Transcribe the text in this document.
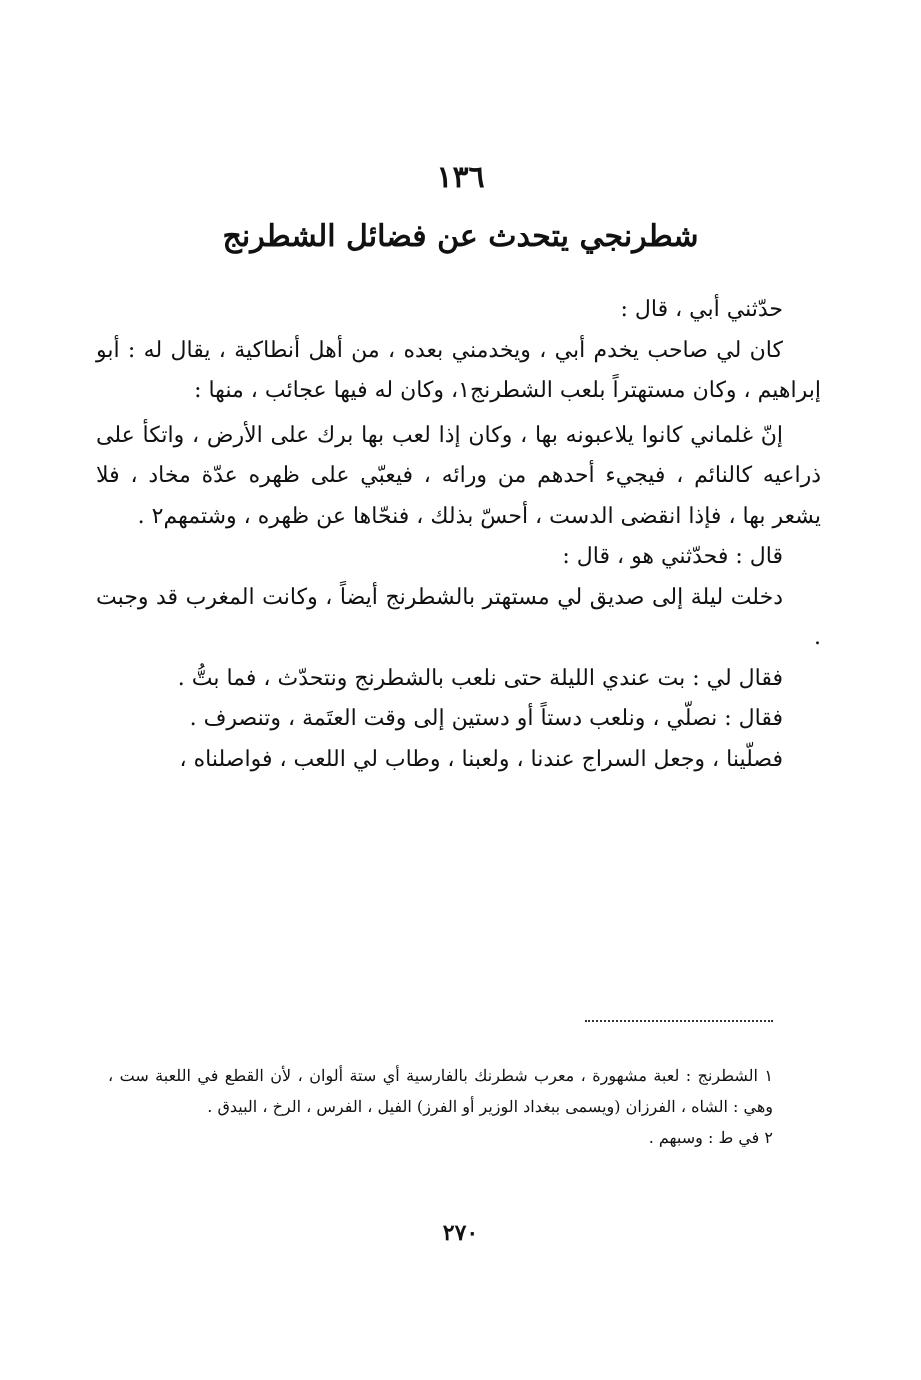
١٣٦
شطرنجي يتحدث عن فضائل الشطرنج

حدّثني أبي ، قال :

كان لي صاحب يخدم أبي ، ويخدمني بعده ، من أهل أنطاكية ، يقال له : أبو إبراهيم ، وكان مستهتراً بلعب الشطرنج١، وكان له فيها عجائب ، منها :

إنّ غلماني كانوا يلاعبونه بها ، وكان إذا لعب بها برك على الأرض ، واتكأ على ذراعيه كالنائم ، فيجيء أحدهم من ورائه ، فيعبّي على ظهره عدّة مخاد ، فلا يشعر بها ، فإذا انقضى الدست ، أحسّ بذلك ، فنحّاها عن ظهره ، وشتمهم٢ .

قال : فحدّثني هو ، قال :

دخلت ليلة إلى صديق لي مستهتر بالشطرنج أيضاً ، وكانت المغرب قد وجبت .

فقال لي : بت عندي الليلة حتى نلعب بالشطرنج ونتحدّث ، فما بتُّ .

فقال : نصلّي ، ونلعب دستاً أو دستين إلى وقت العتَمة ، وتنصرف .

فصلّينا ، وجعل السراج عندنا ، ولعبنا ، وطاب لي اللعب ، فواصلناه ،

١ الشطرنج : لعبة مشهورة ، معرب شطرنك بالفارسية أي ستة ألوان ، لأن القطع في اللعبة ست ، وهي : الشاه ، الفرزان (ويسمى ببغداد الوزير أو الفرز) الفيل ، الفرس ، الرخ ، البيدق .

٢ في ط : وسبهم .

٢٧٠
